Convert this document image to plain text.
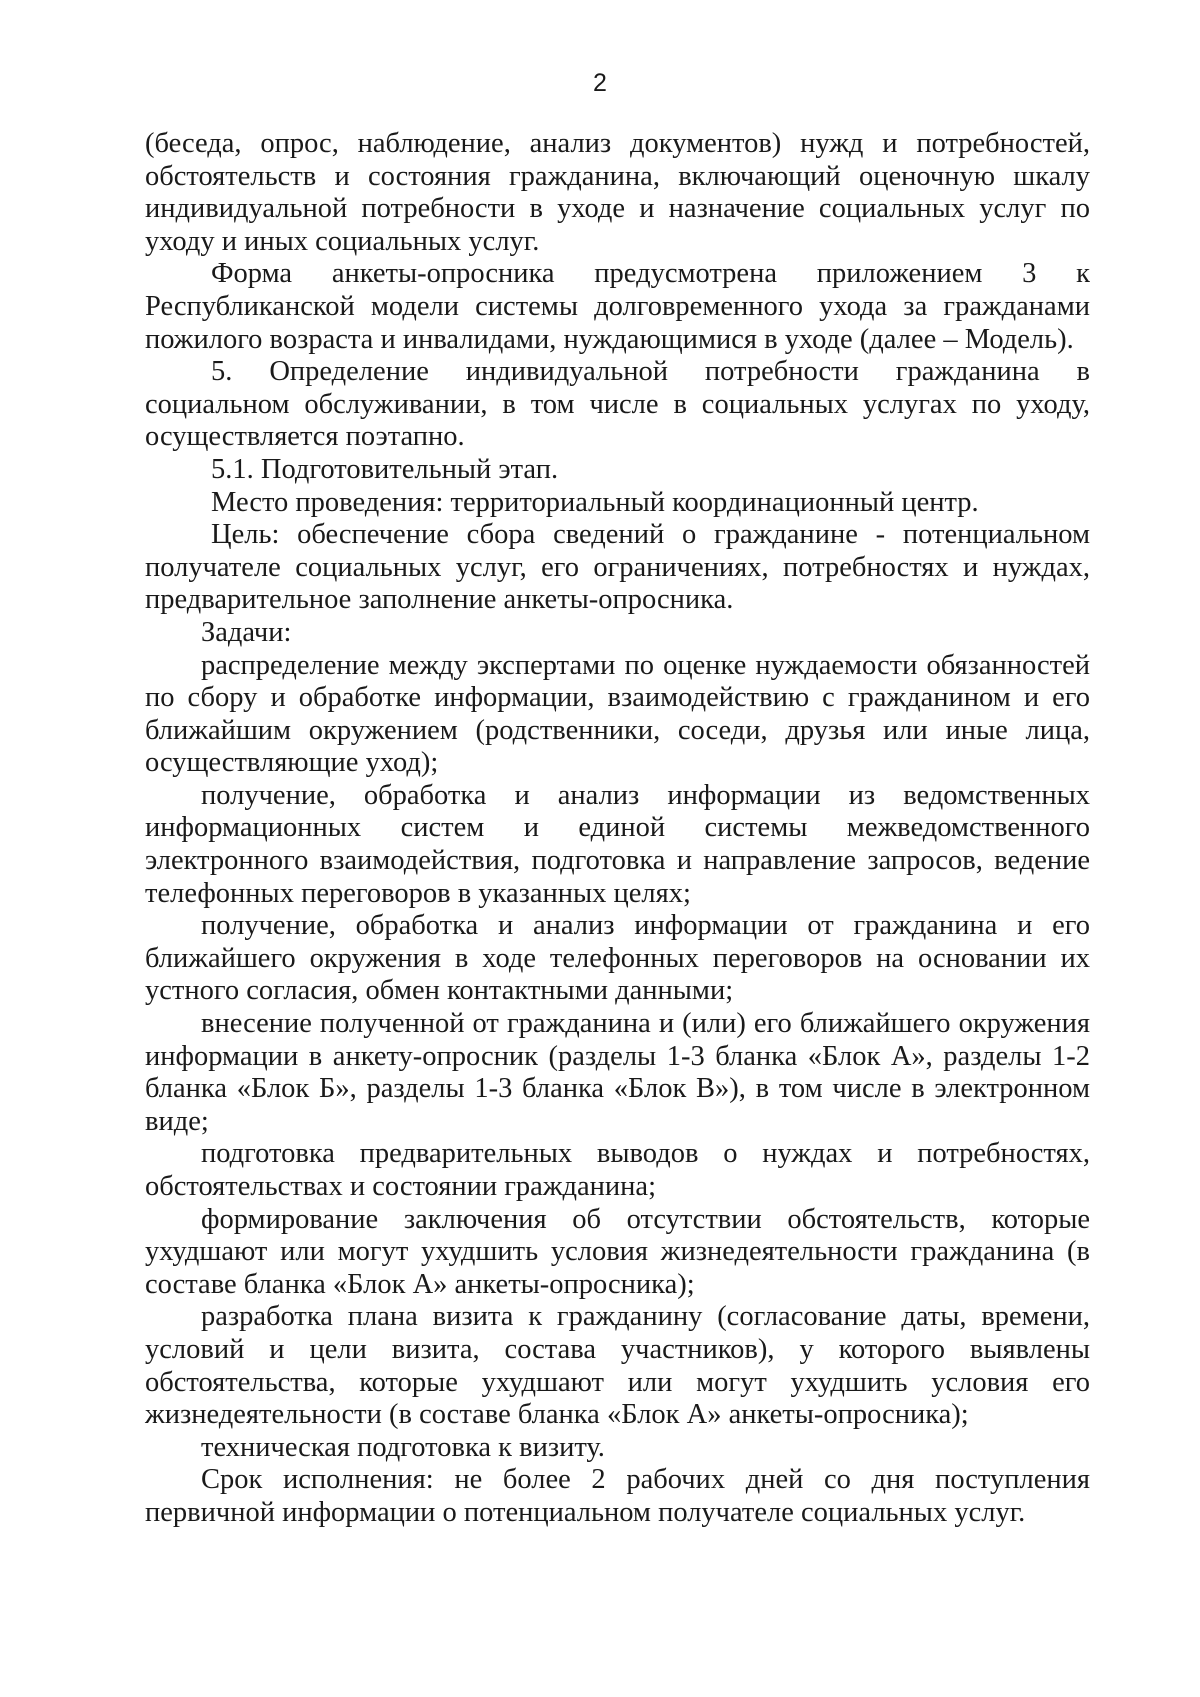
2

(беседа, опрос, наблюдение, анализ документов) нужд и потребностей, обстоятельств и состояния гражданина, включающий оценочную шкалу индивидуальной потребности в уходе и назначение социальных услуг по уходу и иных социальных услуг.

Форма анкеты-опросника предусмотрена приложением 3 к Республиканской модели системы долговременного ухода за гражданами пожилого возраста и инвалидами, нуждающимися в уходе (далее – Модель).

5. Определение индивидуальной потребности гражданина в социальном обслуживании, в том числе в социальных услугах по уходу, осуществляется поэтапно.

5.1. Подготовительный этап.

Место проведения: территориальный координационный центр.

Цель: обеспечение сбора сведений о гражданине - потенциальном получателе социальных услуг, его ограничениях, потребностях и нуждах, предварительное заполнение анкеты-опросника.

Задачи:

распределение между экспертами по оценке нуждаемости обязанностей по сбору и обработке информации, взаимодействию с гражданином и его ближайшим окружением (родственники, соседи, друзья или иные лица, осуществляющие уход);

получение, обработка и анализ информации из ведомственных информационных систем и единой системы межведомственного электронного взаимодействия, подготовка и направление запросов, ведение телефонных переговоров в указанных целях;

получение, обработка и анализ информации от гражданина и его ближайшего окружения в ходе телефонных переговоров на основании их устного согласия, обмен контактными данными;

внесение полученной от гражданина и (или) его ближайшего окружения информации в анкету-опросник (разделы 1-3 бланка «Блок А», разделы 1-2 бланка «Блок Б», разделы 1-3 бланка «Блок В»), в том числе в электронном виде;

подготовка предварительных выводов о нуждах и потребностях, обстоятельствах и состоянии гражданина;

формирование заключения об отсутствии обстоятельств, которые ухудшают или могут ухудшить условия жизнедеятельности гражданина (в составе бланка «Блок А» анкеты-опросника);

разработка плана визита к гражданину (согласование даты, времени, условий и цели визита, состава участников), у которого выявлены обстоятельства, которые ухудшают или могут ухудшить условия его жизнедеятельности (в составе бланка «Блок А» анкеты-опросника);

техническая подготовка к визиту.

Срок исполнения: не более 2 рабочих дней со дня поступления первичной информации о потенциальном получателе социальных услуг.
